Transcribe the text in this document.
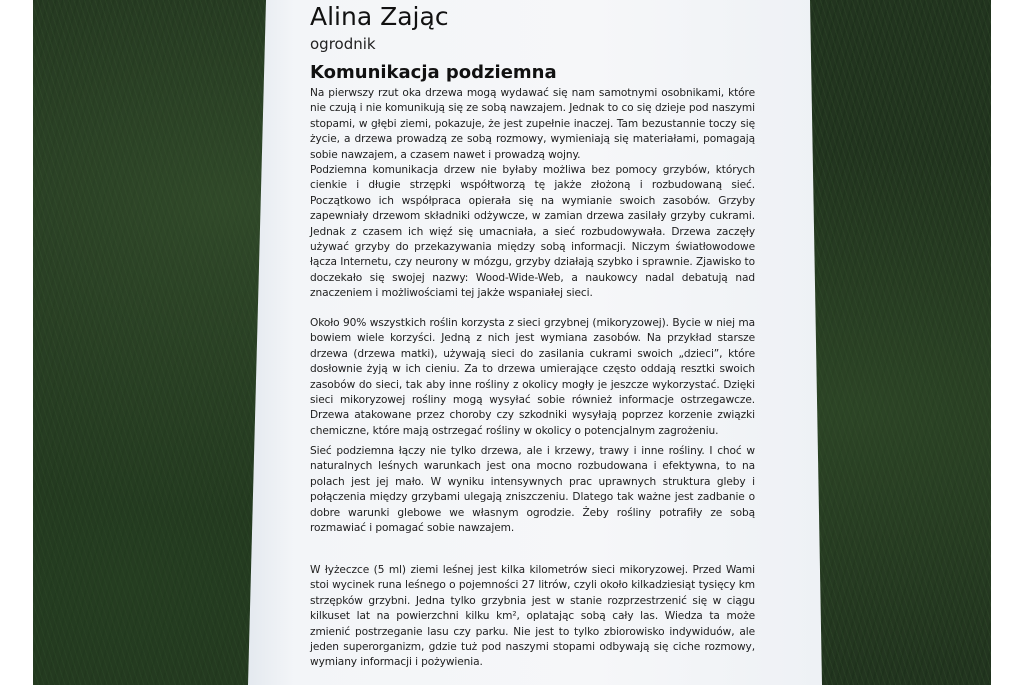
Alina Zając
ogrodnik
Komunikacja podziemna

Na pierwszy rzut oka drzewa mogą wydawać się nam samotnymi osobnikami, które nie czują i nie komunikują się ze sobą nawzajem. Jednak to co się dzieje pod naszymi stopami, w głębi ziemi, pokazuje, że jest zupełnie inaczej. Tam bezustannie toczy się życie, a drzewa prowadzą ze sobą rozmowy, wymieniają się materiałami, pomagają sobie nawzajem, a czasem nawet i prowadzą wojny.

Podziemna komunikacja drzew nie byłaby możliwa bez pomocy grzybów, których cienkie i długie strzępki współtworzą tę jakże złożoną i rozbudowaną sieć. Początkowo ich współpraca opierała się na wymianie swoich zasobów. Grzyby zapewniały drzewom składniki odżywcze, w zamian drzewa zasilały grzyby cukrami. Jednak z czasem ich więź się umacniała, a sieć rozbudowywała. Drzewa zaczęły używać grzyby do przekazywania między sobą informacji. Niczym światłowodowe łącza Internetu, czy neurony w mózgu, grzyby działają szybko i sprawnie. Zjawisko to doczekało się swojej nazwy: Wood-Wide-Web, a naukowcy nadal debatują nad znaczeniem i możliwościami tej jakże wspaniałej sieci.

Około 90% wszystkich roślin korzysta z sieci grzybnej (mikoryzowej). Bycie w niej ma bowiem wiele korzyści. Jedną z nich jest wymiana zasobów. Na przykład starsze drzewa (drzewa matki), używają sieci do zasilania cukrami swoich „dzieci”, które dosłownie żyją w ich cieniu. Za to drzewa umierające często oddają resztki swoich zasobów do sieci, tak aby inne rośliny z okolicy mogły je jeszcze wykorzystać. Dzięki sieci mikoryzowej rośliny mogą wysyłać sobie również informacje ostrzegawcze. Drzewa atakowane przez choroby czy szkodniki wysyłają poprzez korzenie związki chemiczne, które mają ostrzegać rośliny w okolicy o potencjalnym zagrożeniu.

Sieć podziemna łączy nie tylko drzewa, ale i krzewy, trawy i inne rośliny. I choć w naturalnych leśnych warunkach jest ona mocno rozbudowana i efektywna, to na polach jest jej mało. W wyniku intensywnych prac uprawnych struktura gleby i połączenia między grzybami ulegają zniszczeniu. Dlatego tak ważne jest zadbanie o dobre warunki glebowe we własnym ogrodzie. Żeby rośliny potrafiły ze sobą rozmawiać i pomagać sobie nawzajem.

W łyżeczce (5 ml) ziemi leśnej jest kilka kilometrów sieci mikoryzowej. Przed Wami stoi wycinek runa leśnego o pojemności 27 litrów, czyli około kilkadziesiąt tysięcy km strzępków grzybni. Jedna tylko grzybnia jest w stanie rozprzestrzenić się w ciągu kilkuset lat na powierzchni kilku km², oplatając sobą cały las. Wiedza ta może zmienić postrzeganie lasu czy parku. Nie jest to tylko zbiorowisko indywiduów, ale jeden superorganizm, gdzie tuż pod naszymi stopami odbywają się ciche rozmowy, wymiany informacji i pożywienia.
